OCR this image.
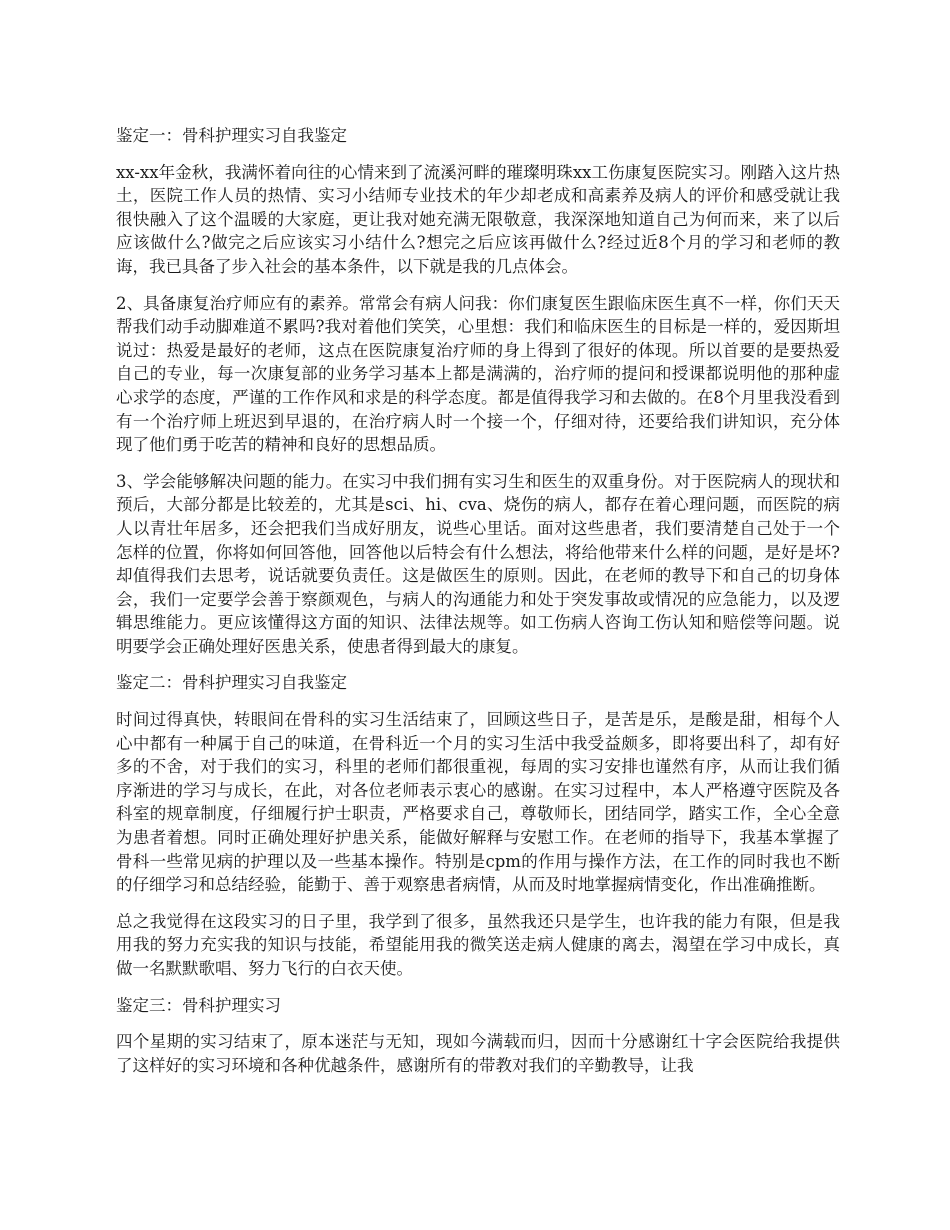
鉴定一：骨科护理实习自我鉴定

xx-xx年金秋，我满怀着向往的心情来到了流溪河畔的璀璨明珠xx工伤康复医院实习。刚踏入这片热土，医院工作人员的热情、实习小结师专业技术的年少却老成和高素养及病人的评价和感受就让我很快融入了这个温暖的大家庭，更让我对她充满无限敬意，我深深地知道自己为何而来，来了以后应该做什么?做完之后应该实习小结什么?想完之后应该再做什么?经过近8个月的学习和老师的教诲，我已具备了步入社会的基本条件，以下就是我的几点体会。

2、具备康复治疗师应有的素养。常常会有病人问我：你们康复医生跟临床医生真不一样，你们天天帮我们动手动脚难道不累吗?我对着他们笑笑，心里想：我们和临床医生的目标是一样的，爱因斯坦说过：热爱是最好的老师，这点在医院康复治疗师的身上得到了很好的体现。所以首要的是要热爱自己的专业，每一次康复部的业务学习基本上都是满满的，治疗师的提问和授课都说明他的那种虚心求学的态度，严谨的工作作风和求是的科学态度。都是值得我学习和去做的。在8个月里我没看到有一个治疗师上班迟到早退的，在治疗病人时一个接一个，仔细对待，还要给我们讲知识，充分体现了他们勇于吃苦的精神和良好的思想品质。

3、学会能够解决问题的能力。在实习中我们拥有实习生和医生的双重身份。对于医院病人的现状和预后，大部分都是比较差的，尤其是sci、hi、cva、烧伤的病人，都存在着心理问题，而医院的病人以青壮年居多，还会把我们当成好朋友，说些心里话。面对这些患者，我们要清楚自己处于一个怎样的位置，你将如何回答他，回答他以后特会有什么想法，将给他带来什么样的问题，是好是坏?却值得我们去思考，说话就要负责任。这是做医生的原则。因此，在老师的教导下和自己的切身体会，我们一定要学会善于察颜观色，与病人的沟通能力和处于突发事故或情况的应急能力，以及逻辑思维能力。更应该懂得这方面的知识、法律法规等。如工伤病人咨询工伤认知和赔偿等问题。说明要学会正确处理好医患关系，使患者得到最大的康复。

鉴定二：骨科护理实习自我鉴定

时间过得真快，转眼间在骨科的实习生活结束了，回顾这些日子，是苦是乐，是酸是甜，相每个人心中都有一种属于自己的味道，在骨科近一个月的实习生活中我受益颇多，即将要出科了，却有好多的不舍，对于我们的实习，科里的老师们都很重视，每周的实习安排也谨然有序，从而让我们循序渐进的学习与成长，在此，对各位老师表示衷心的感谢。在实习过程中，本人严格遵守医院及各科室的规章制度，仔细履行护士职责，严格要求自己，尊敬师长，团结同学，踏实工作，全心全意为患者着想。同时正确处理好护患关系，能做好解释与安慰工作。在老师的指导下，我基本掌握了骨科一些常见病的护理以及一些基本操作。特别是cpm的作用与操作方法，在工作的同时我也不断的仔细学习和总结经验，能勤于、善于观察患者病情，从而及时地掌握病情变化，作出准确推断。

总之我觉得在这段实习的日子里，我学到了很多，虽然我还只是学生，也许我的能力有限，但是我用我的努力充实我的知识与技能，希望能用我的微笑送走病人健康的离去，渴望在学习中成长，真做一名默默歌唱、努力飞行的白衣天使。

鉴定三：骨科护理实习

四个星期的实习结束了，原本迷茫与无知，现如今满载而归，因而十分感谢红十字会医院给我提供了这样好的实习环境和各种优越条件，感谢所有的带教对我们的辛勤教导，让我
